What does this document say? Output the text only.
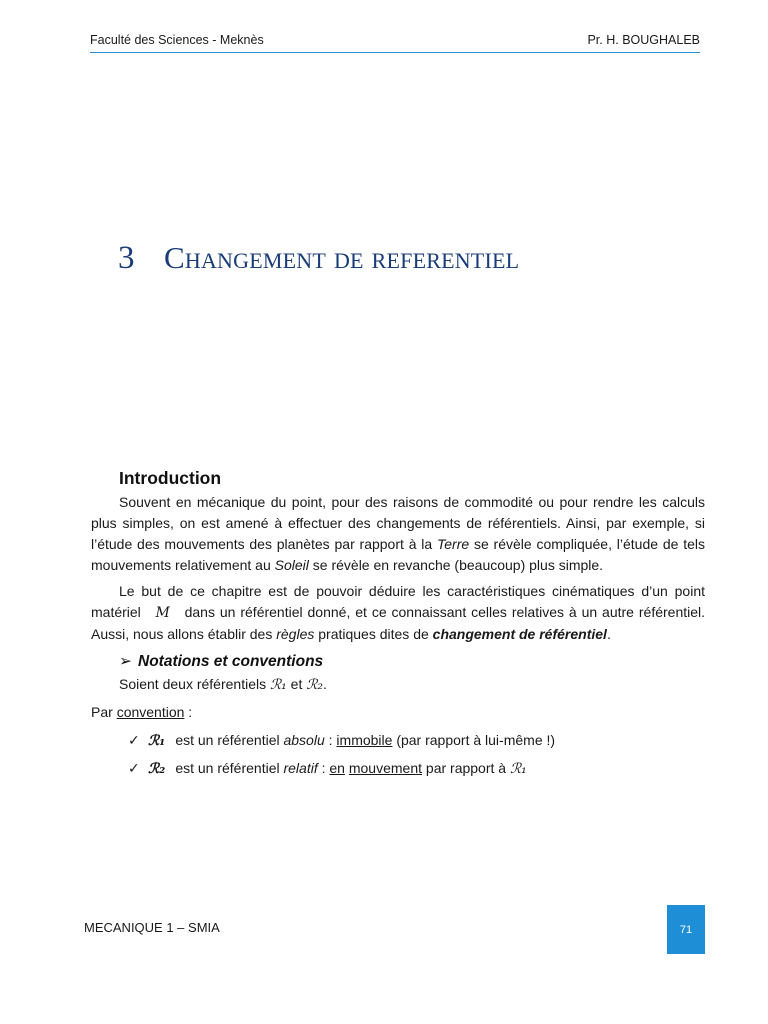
Faculté des Sciences - Meknès	Pr. H. BOUGHALEB
3 Changement de referentiel
Introduction
Souvent en mécanique du point, pour des raisons de commodité ou pour rendre les calculs plus simples, on est amené à effectuer des changements de référentiels. Ainsi, par exemple, si l’étude des mouvements des planètes par rapport à la Terre se révèle compliquée, l’étude de tels mouvements relativement au Soleil se révèle en revanche (beaucoup) plus simple.
Le but de ce chapitre est de pouvoir déduire les caractéristiques cinématiques d’un point matériel   M   dans un référentiel donné, et ce connaissant celles relatives à un autre référentiel. Aussi, nous allons établir des règles pratiques dites de changement de référentiel.
➢ Notations et conventions
Soient deux référentiels ℛ₁ et ℛ₂.
Par convention :
✓ ℛ₁ est un référentiel absolu : immobile (par rapport à lui-même !)
✓ ℛ₂ est un référentiel relatif : en mouvement par rapport à ℛ₁
MECANIQUE 1 – SMIA	71
